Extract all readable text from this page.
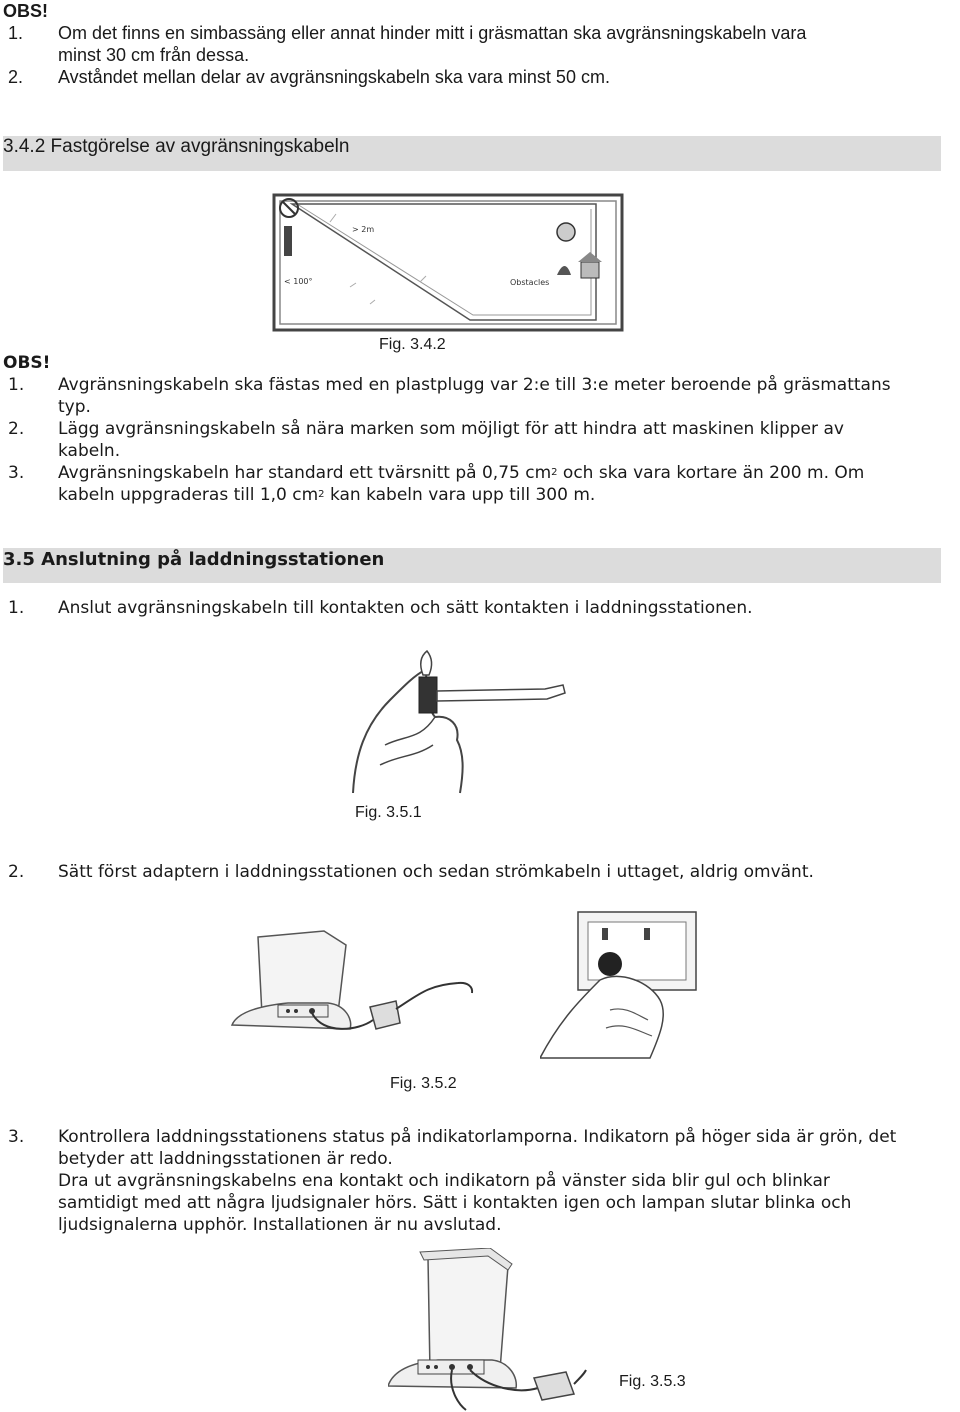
OBS!
1. Om det finns en simbassäng eller annat hinder mitt i gräsmattan ska avgränsningskabeln vara
minst 30 cm från dessa.
2. Avståndet mellan delar av avgränsningskabeln ska vara minst 50 cm.
3.4.2 Fastgörelse av avgränsningskabeln
< 100°
> 2m
Obstacles
Fig. 3.4.2
OBS!
1. Avgränsningskabeln ska fästas med en plastplugg var 2:e till 3:e meter beroende på gräsmattans
typ.
2. Lägg avgränsningskabeln så nära marken som möjligt för att hindra att maskinen klipper av
kabeln.
3. Avgränsningskabeln har standard ett tvärsnitt på 0,75 $cm^2$ och ska vara kortare än 200 m. Om
kabeln uppgraderas till 1,0 $cm^2$ kan kabeln vara upp till 300 m.
3.5 Anslutning på laddningsstationen
1. Anslut avgränsningskabeln till kontakten och sätt kontakten i laddningsstationen.
Fig. 3.5.1
2. Sätt först adaptern i laddningsstationen och sedan strömkabeln i uttaget, aldrig omvänt.
Fig. 3.5.2
3. Kontrollera laddningsstationens status på indikatorlamporna. Indikatorn på höger sida är grön, det
betyder att laddningsstationen är redo.
Dra ut avgränsningskabelns ena kontakt och indikatorn på vänster sida blir gul och blinkar
samtidigt med att några ljudsignaler hörs. Sätt i kontakten igen och lampan slutar blinka och
ljudsignalerna upphör. Installationen är nu avslutad.
Fig. 3.5.3
